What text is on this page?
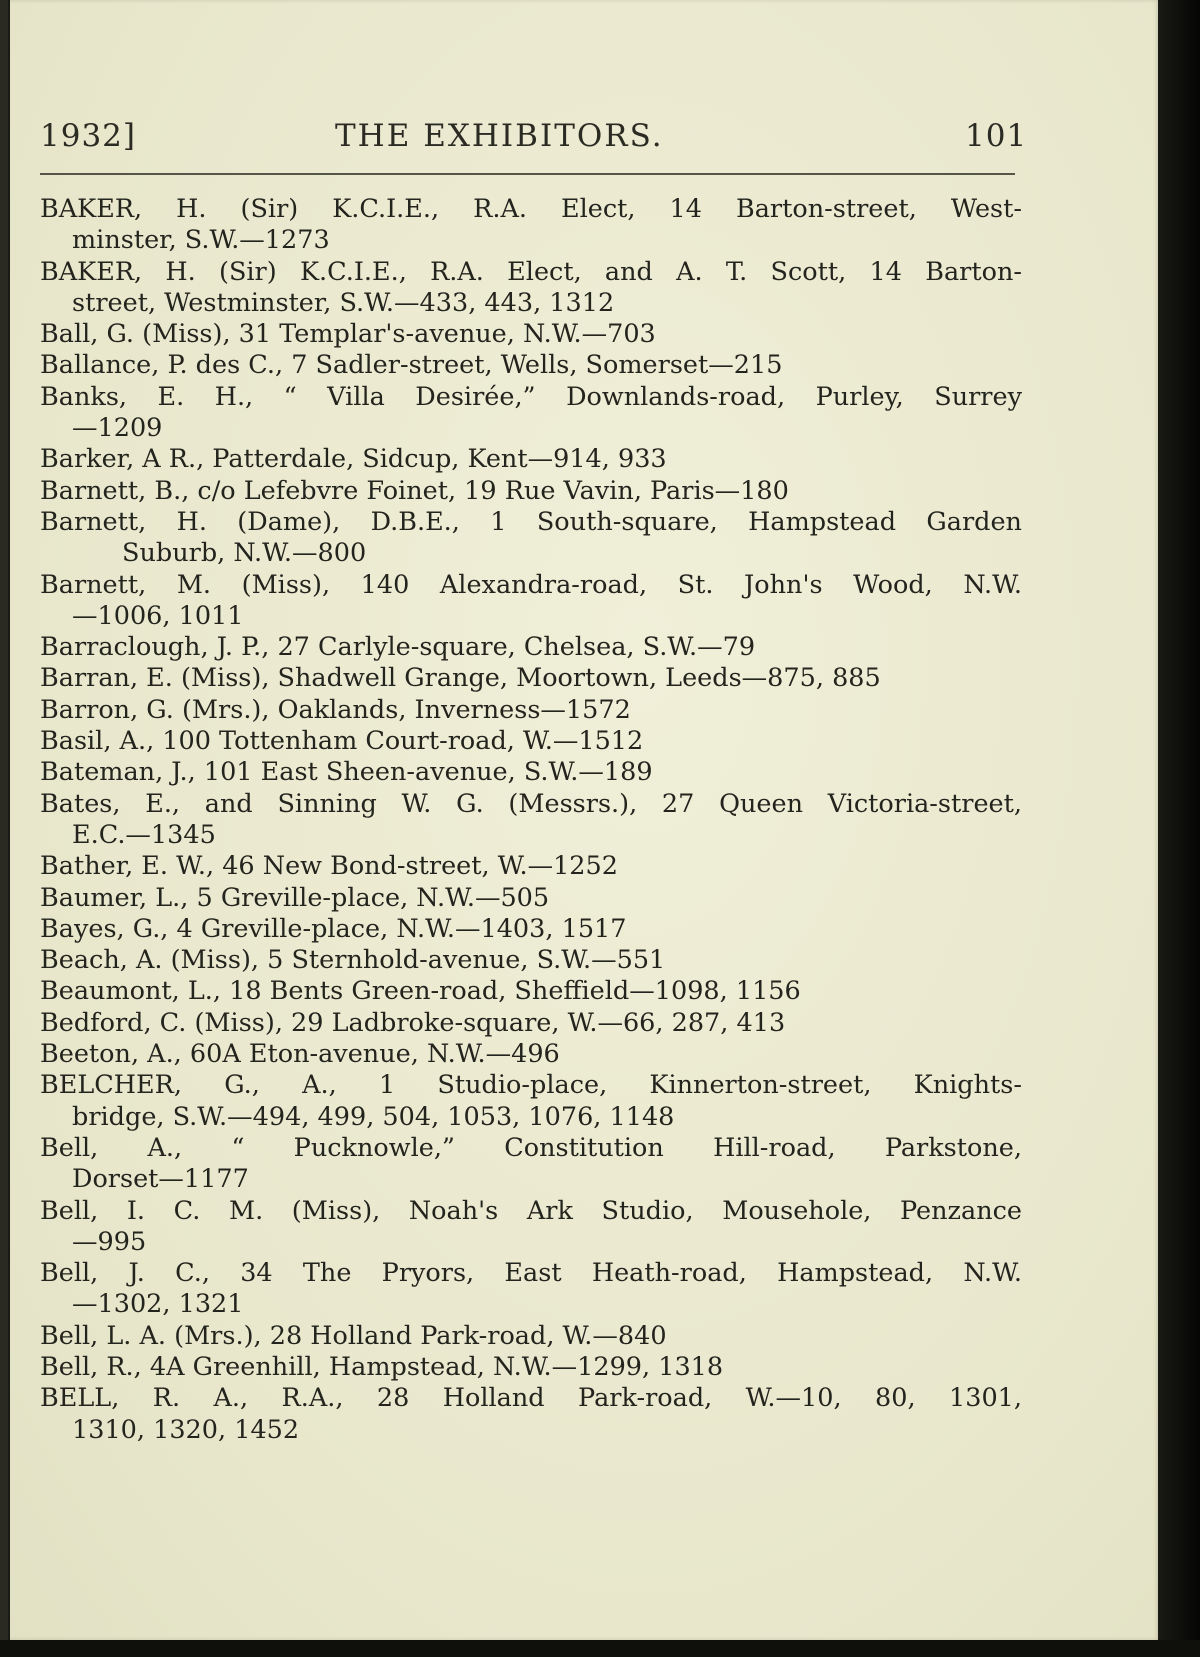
1932]	THE EXHIBITORS.	101

BAKER, H. (Sir) K.C.I.E., R.A. Elect, 14 Barton-street, West-
minster, S.W.—1273

BAKER, H. (Sir) K.C.I.E., R.A. Elect, and A. T. Scott, 14 Barton-
street, Westminster, S.W.—433, 443, 1312

Ball, G. (Miss), 31 Templar's-avenue, N.W.—703

Ballance, P. des C., 7 Sadler-street, Wells, Somerset—215

Banks, E. H., “ Villa Desirée,” Downlands-road, Purley, Surrey
—1209

Barker, A R., Patterdale, Sidcup, Kent—914, 933

Barnett, B., c/o Lefebvre Foinet, 19 Rue Vavin, Paris—180

Barnett, H. (Dame), D.B.E., 1 South-square, Hampstead Garden
Suburb, N.W.—800

Barnett, M. (Miss), 140 Alexandra-road, St. John's Wood, N.W.
—1006, 1011

Barraclough, J. P., 27 Carlyle-square, Chelsea, S.W.—79

Barran, E. (Miss), Shadwell Grange, Moortown, Leeds—875, 885

Barron, G. (Mrs.), Oaklands, Inverness—1572

Basil, A., 100 Tottenham Court-road, W.—1512

Bateman, J., 101 East Sheen-avenue, S.W.—189

Bates, E., and Sinning W. G. (Messrs.), 27 Queen Victoria-street,
E.C.—1345

Bather, E. W., 46 New Bond-street, W.—1252

Baumer, L., 5 Greville-place, N.W.—505

Bayes, G., 4 Greville-place, N.W.—1403, 1517

Beach, A. (Miss), 5 Sternhold-avenue, S.W.—551

Beaumont, L., 18 Bents Green-road, Sheffield—1098, 1156

Bedford, C. (Miss), 29 Ladbroke-square, W.—66, 287, 413

Beeton, A., 60A Eton-avenue, N.W.—496

BELCHER, G., A., 1 Studio-place, Kinnerton-street, Knights-
bridge, S.W.—494, 499, 504, 1053, 1076, 1148

Bell, A., “ Pucknowle,” Constitution Hill-road, Parkstone,
Dorset—1177

Bell, I. C. M. (Miss), Noah's Ark Studio, Mousehole, Penzance
—995

Bell, J. C., 34 The Pryors, East Heath-road, Hampstead, N.W.
—1302, 1321

Bell, L. A. (Mrs.), 28 Holland Park-road, W.—840

Bell, R., 4A Greenhill, Hampstead, N.W.—1299, 1318

BELL, R. A., R.A., 28 Holland Park-road, W.—10, 80, 1301,
1310, 1320, 1452
